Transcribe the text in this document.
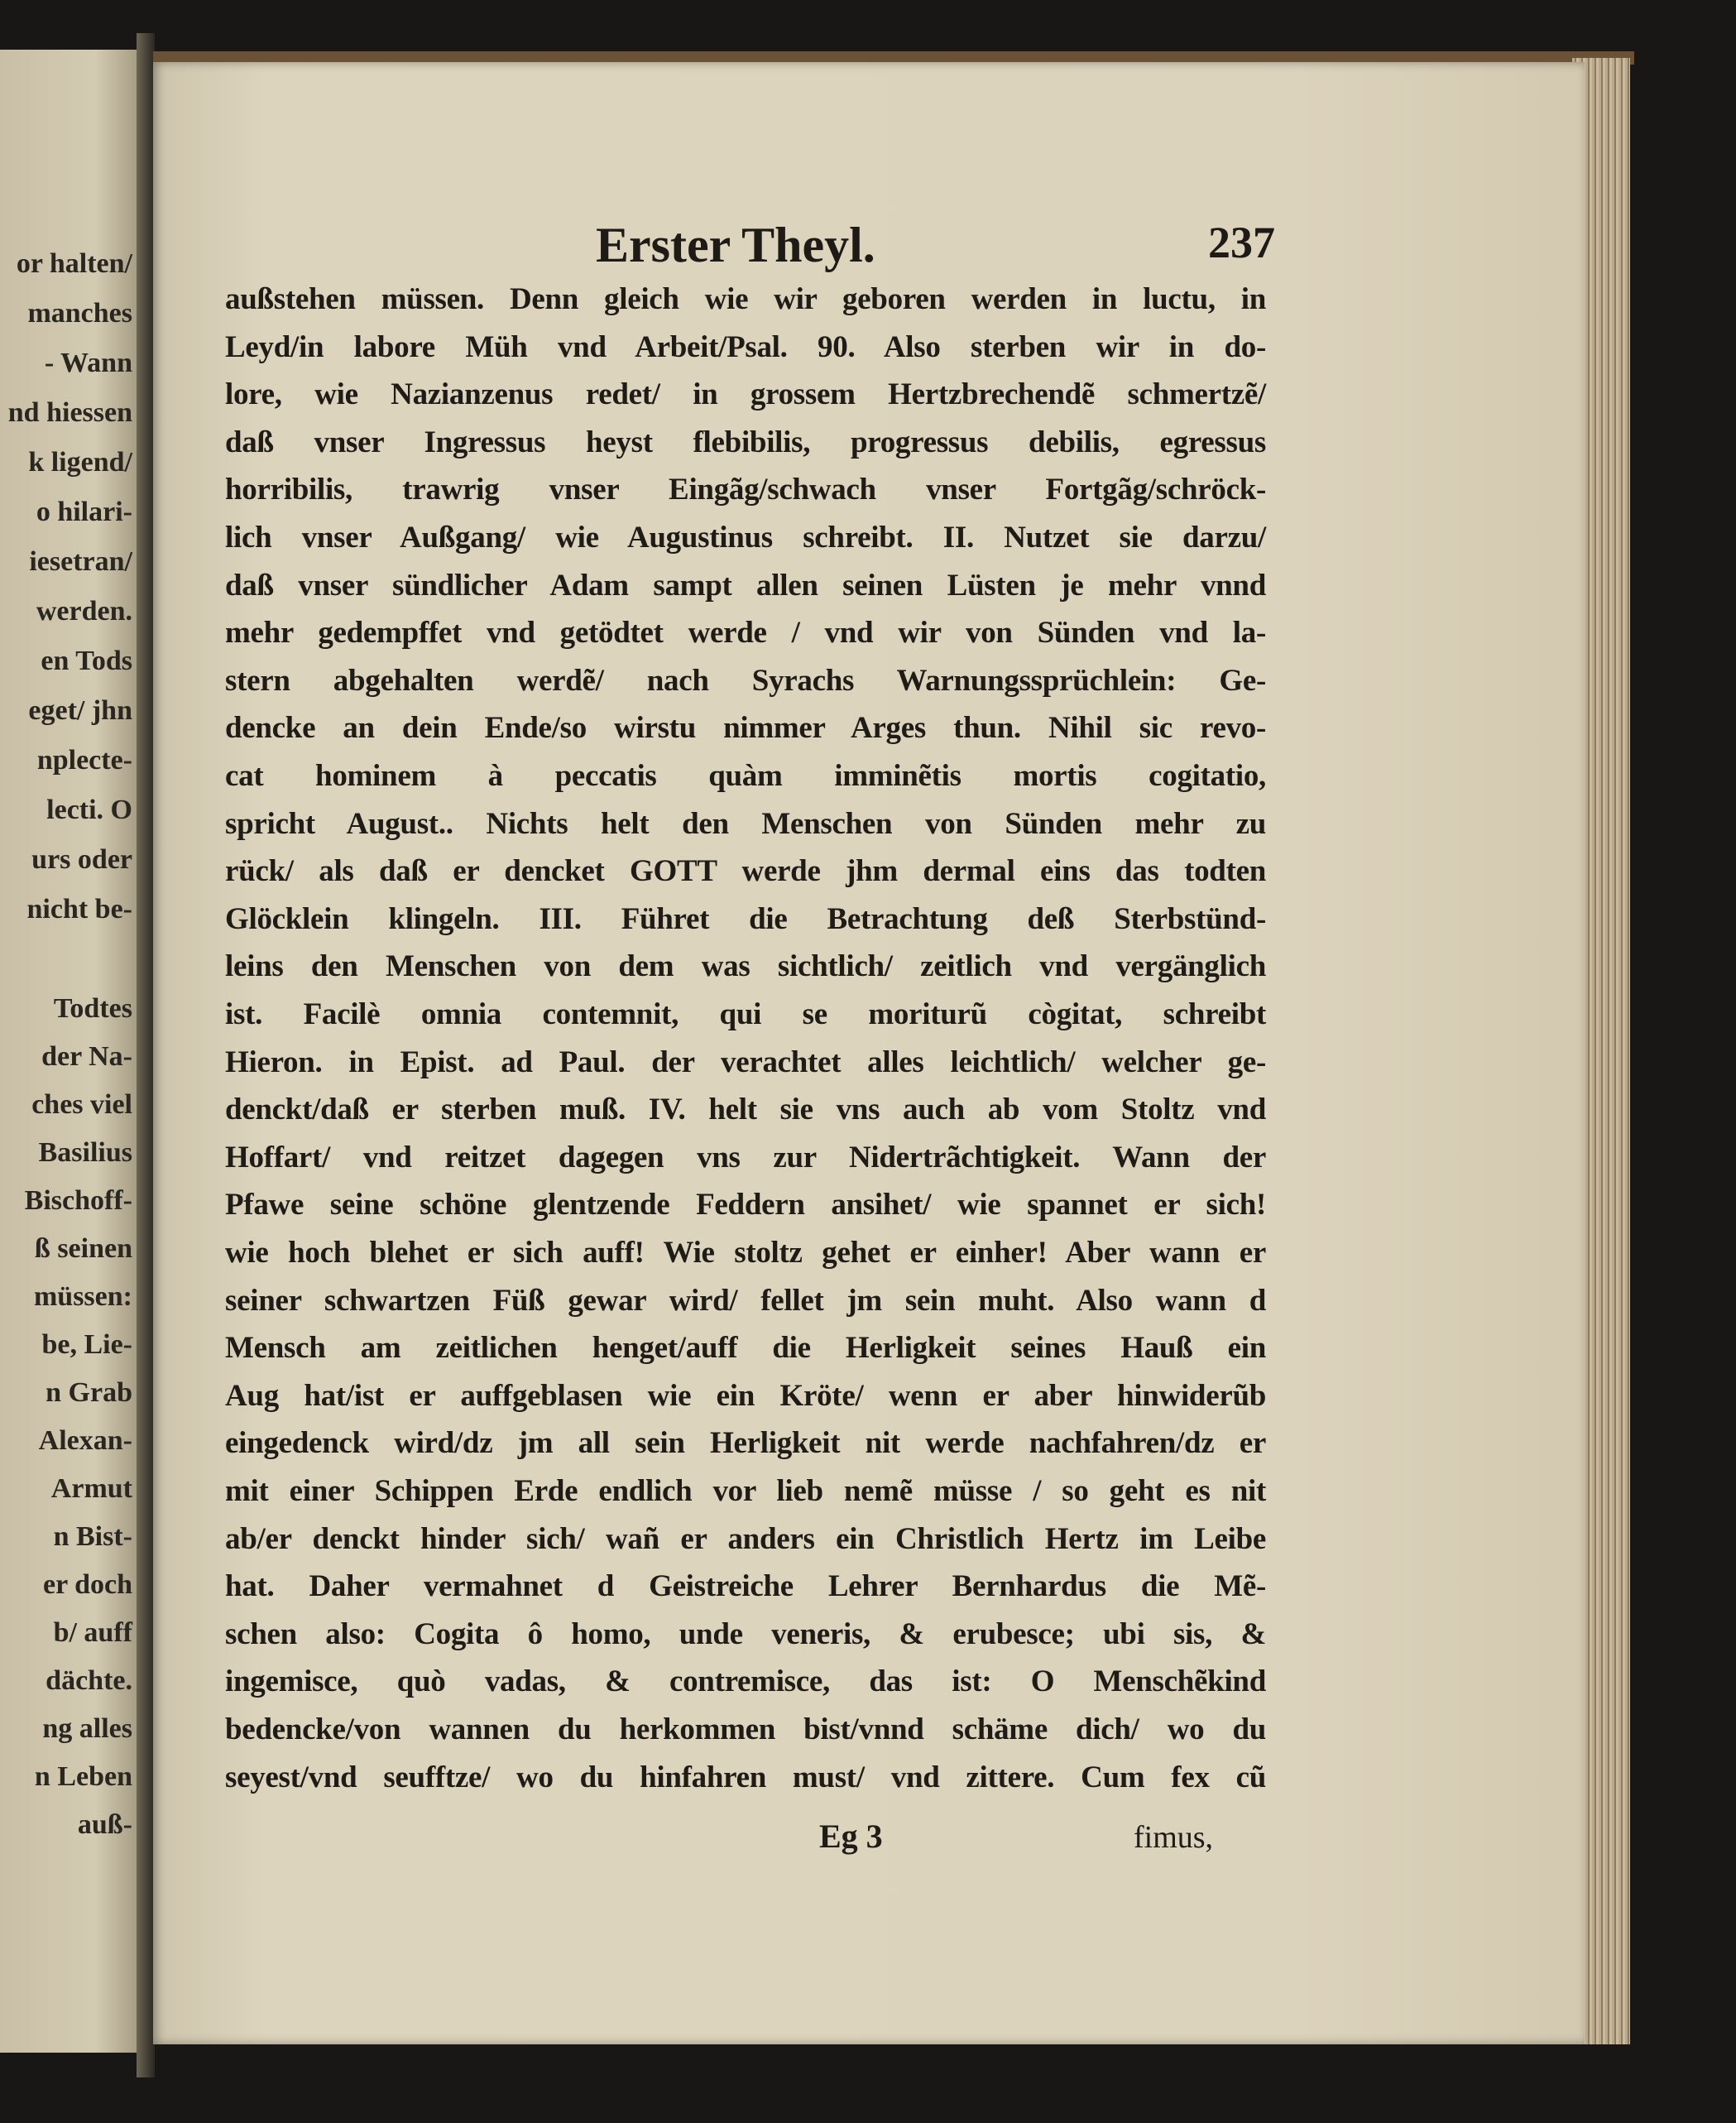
Erster Theyl.	237
außstehen müssen. Denn gleich wie wir geboren werden in luctu, in
Leyd/in labore Müh vnd Arbeit/Psal. 90. Also sterben wir in do-
lore, wie Nazianzenus redet/ in grossem Hertzbrechendẽ schmertzẽ/
daß vnser Ingressus heyst flebibilis, progressus debilis, egressus
horribilis, trawrig vnser Eingãg/schwach vnser Fortgãg/schröck-
lich vnser Außgang/ wie Augustinus schreibt. II. Nutzet sie darzu/
daß vnser sündlicher Adam sampt allen seinen Lüsten je mehr vnnd
mehr gedempffet vnd getödtet werde / vnd wir von Sünden vnd la-
stern abgehalten werdẽ/ nach Syrachs Warnungssprüchlein: Ge-
dencke an dein Ende/so wirstu nimmer Arges thun. Nihil sic revo-
cat hominem à peccatis quàm imminẽtis mortis cogitatio,
spricht August.. Nichts helt den Menschen von Sünden mehr zu
rück/ als daß er dencket GOTT werde jhm dermal eins das todten
Glöcklein klingeln. III. Führet die Betrachtung deß Sterbstünd-
leins den Menschen von dem was sichtlich/ zeitlich vnd vergänglich
ist. Facilè omnia contemnit, qui se moriturũ cògitat, schreibt
Hieron. in Epist. ad Paul. der verachtet alles leichtlich/ welcher ge-
denckt/daß er sterben muß. IV. helt sie vns auch ab vom Stoltz vnd
Hoffart/ vnd reitzet dagegen vns zur Nidertrãchtigkeit. Wann der
Pfawe seine schöne glentzende Feddern ansihet/ wie spannet er sich!
wie hoch blehet er sich auff! Wie stoltz gehet er einher! Aber wann er
seiner schwartzen Füß gewar wird/ fellet jm sein muht. Also wann d
Mensch am zeitlichen henget/auff die Herligkeit seines Hauß ein
Aug hat/ist er auffgeblasen wie ein Kröte/ wenn er aber hinwiderũb
eingedenck wird/dz jm all sein Herligkeit nit werde nachfahren/dz er
mit einer Schippen Erde endlich vor lieb nemẽ müsse / so geht es nit
ab/er denckt hinder sich/ wañ er anders ein Christlich Hertz im Leibe
hat. Daher vermahnet d Geistreiche Lehrer Bernhardus die Mẽ-
schen also: Cogita ô homo, unde veneris, & erubesce; ubi sis, &
ingemisce, quò vadas, & contremisce, das ist: O Menschẽkind
bedencke/von wannen du herkommen bist/vnnd schäme dich/ wo du
seyest/vnd seufftze/ wo du hinfahren must/ vnd zittere. Cum fex cũ
or halten/
manches
- Wann
nd hiessen
k ligend/
o hilari-
iesetran/
werden.
en Tods
eget/ jhn
nplecte-
lecti. O
urs oder
nicht be-
Todtes
der Na-
ches viel
Basilius
Bischoff-
ß seinen
müssen:
be, Lie-
n Grab
Alexan-
Armut
n Bist-
er doch
b/ auff
dächte.
ng alles
n Leben
auß-	Eg 3	fimus,
